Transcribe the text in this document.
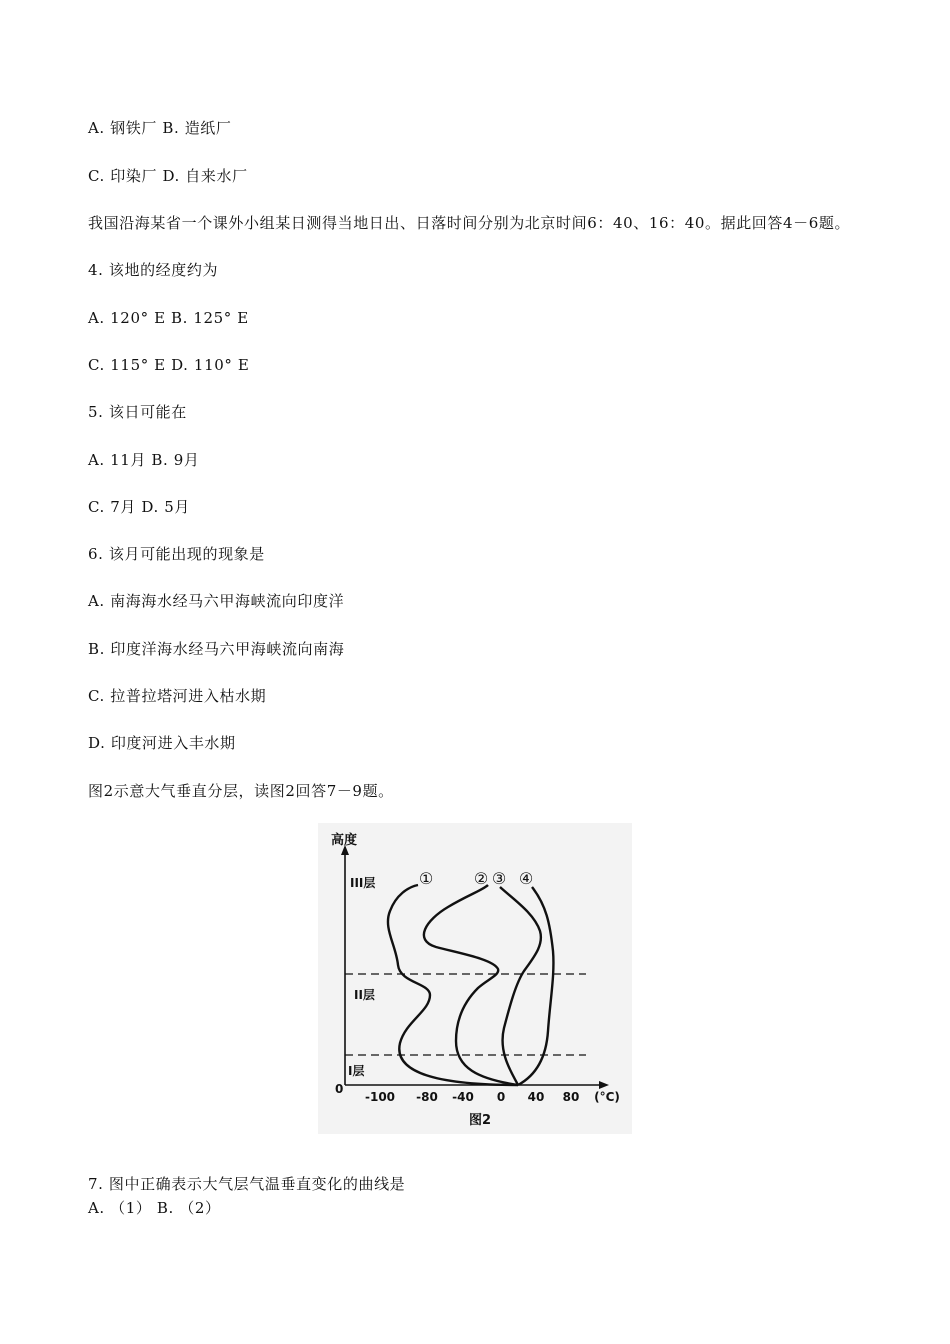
A. 钢铁厂 B. 造纸厂
C. 印染厂 D. 自来水厂
我国沿海某省一个课外小组某日测得当地日出、日落时间分别为北京时间6：40、16：40。据此回答4－6题。
4. 该地的经度约为
A. 120° E B. 125° E
C. 115° E D. 110° E
5. 该日可能在
A. 11月 B. 9月
C. 7月 D. 5月
6. 该月可能出现的现象是
A. 南海海水经马六甲海峡流向印度洋
B. 印度洋海水经马六甲海峡流向南海
C. 拉普拉塔河进入枯水期
D. 印度河进入丰水期
图2示意大气垂直分层，读图2回答7－9题。
高度
0
III层
II层
I层
①	② ③ ④
-100 -80 -40 0 40 80 (°C)
图2
7. 图中正确表示大气层气温垂直变化的曲线是
A. （1） B. （2）
